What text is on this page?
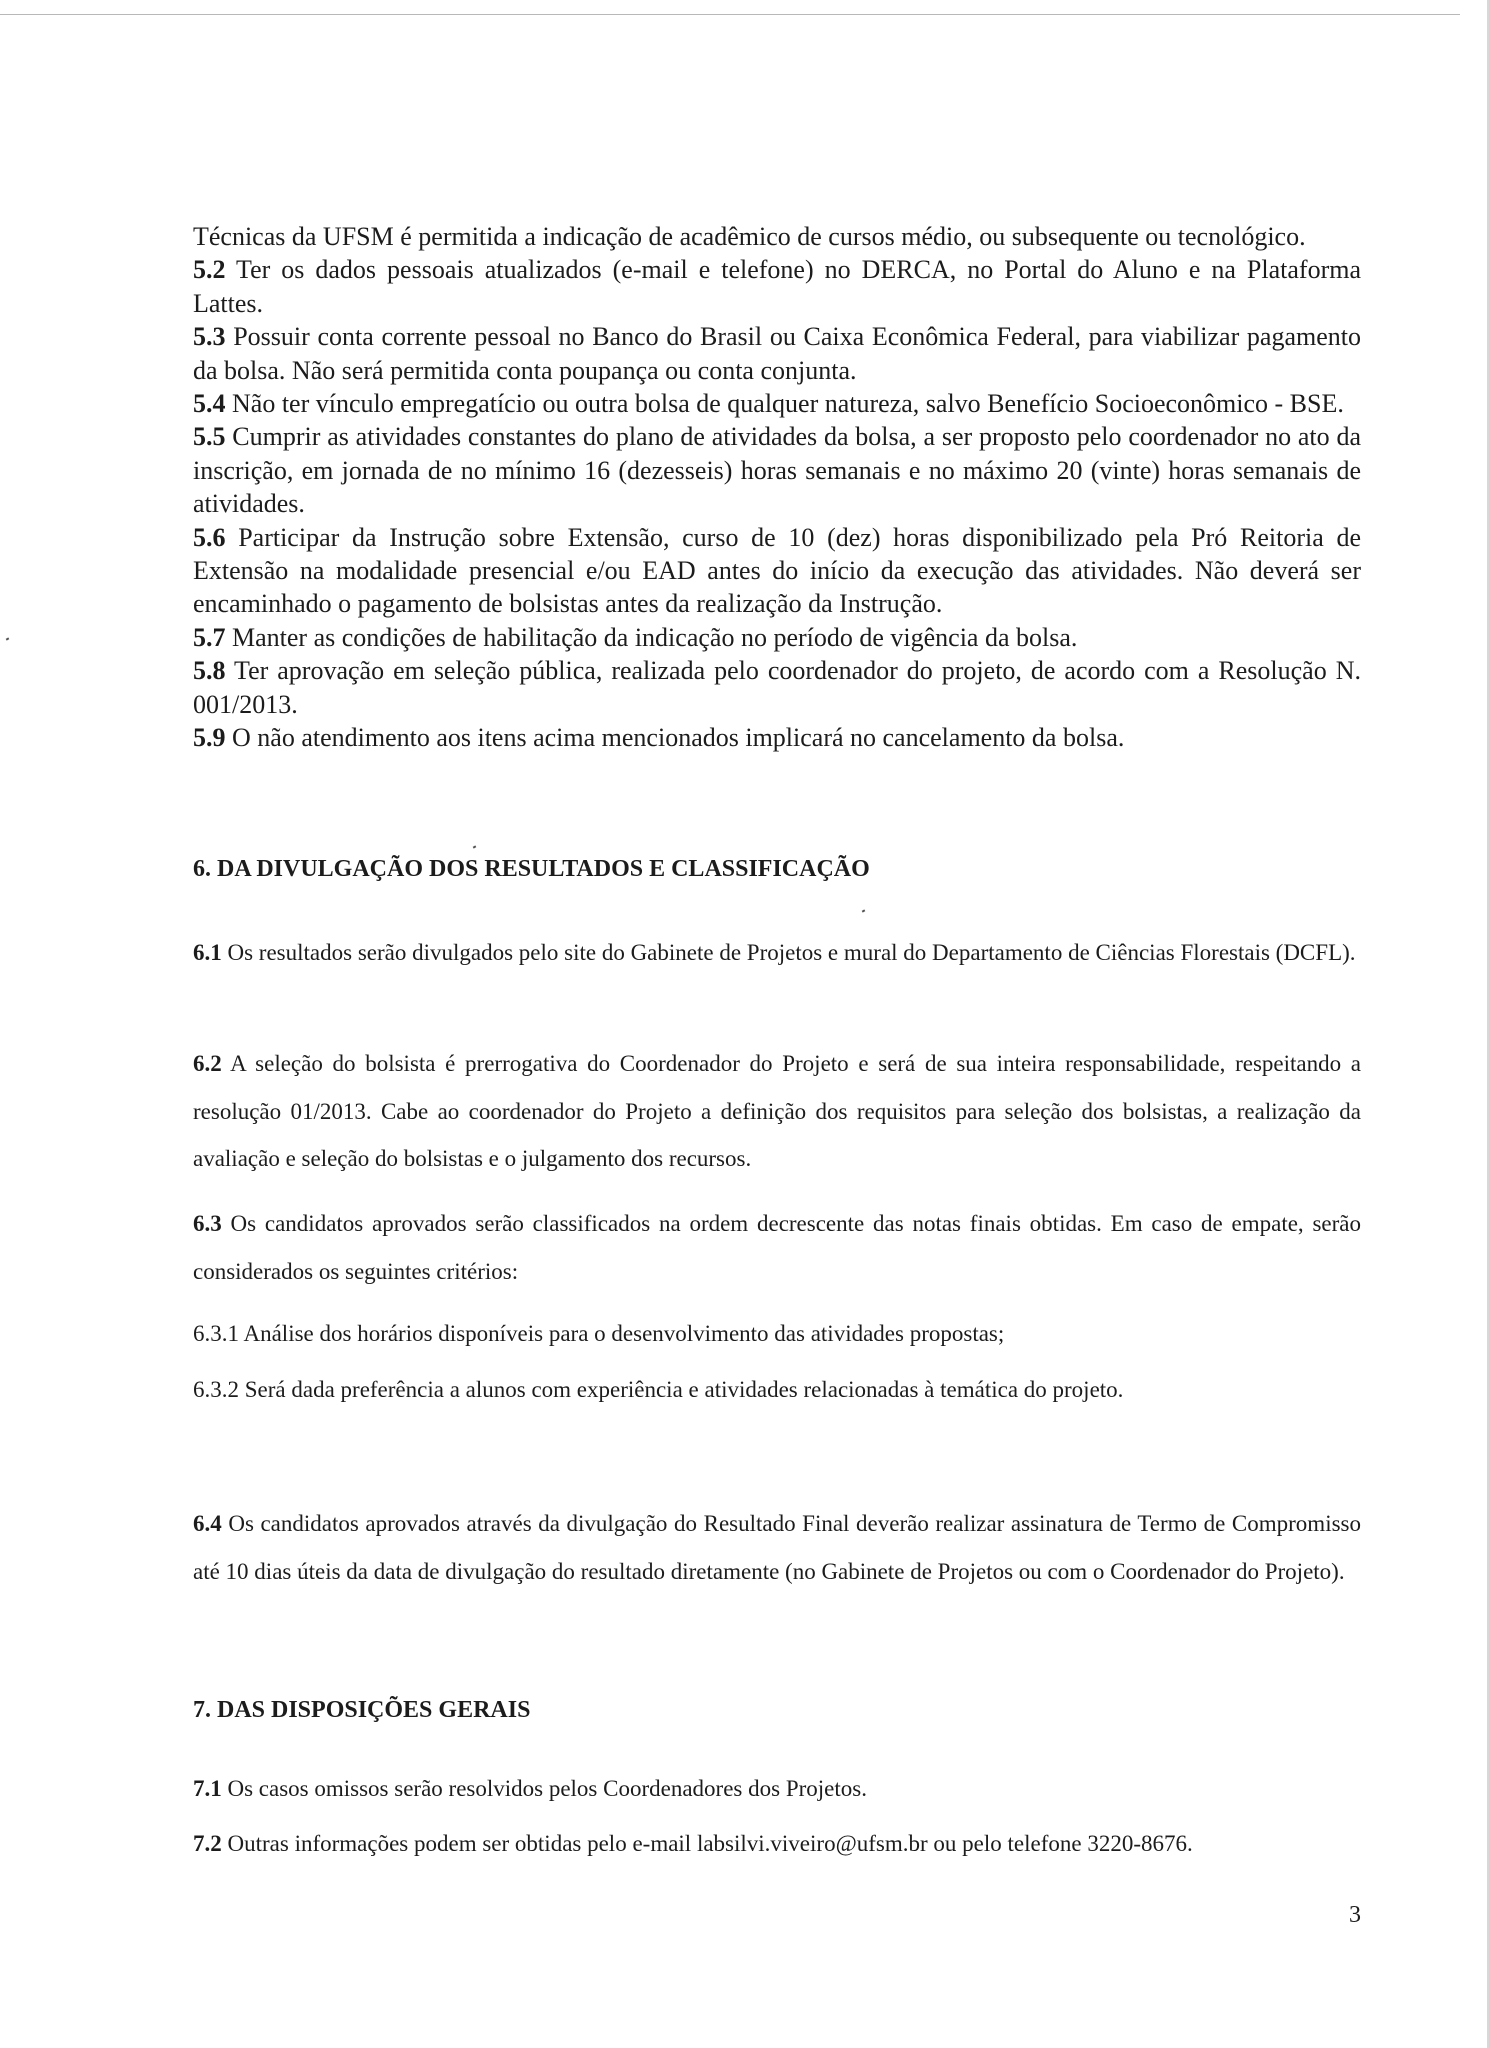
Técnicas da UFSM é permitida a indicação de acadêmico de cursos médio, ou subsequente ou tecnológico.

5.2 Ter os dados pessoais atualizados (e-mail e telefone) no DERCA, no Portal do Aluno e na Plataforma Lattes.

5.3 Possuir conta corrente pessoal no Banco do Brasil ou Caixa Econômica Federal, para viabilizar pagamento da bolsa. Não será permitida conta poupança ou conta conjunta.

5.4 Não ter vínculo empregatício ou outra bolsa de qualquer natureza, salvo Benefício Socioeconômico - BSE.

5.5 Cumprir as atividades constantes do plano de atividades da bolsa, a ser proposto pelo coordenador no ato da inscrição, em jornada de no mínimo 16 (dezesseis) horas semanais e no máximo 20 (vinte) horas semanais de atividades.

5.6 Participar da Instrução sobre Extensão, curso de 10 (dez) horas disponibilizado pela Pró Reitoria de Extensão na modalidade presencial e/ou EAD antes do início da execução das atividades. Não deverá ser encaminhado o pagamento de bolsistas antes da realização da Instrução.

5.7 Manter as condições de habilitação da indicação no período de vigência da bolsa.

5.8 Ter aprovação em seleção pública, realizada pelo coordenador do projeto, de acordo com a Resolução N. 001/2013.

5.9 O não atendimento aos itens acima mencionados implicará no cancelamento da bolsa.

6. DA DIVULGAÇÃO DOS RESULTADOS E CLASSIFICAÇÃO

6.1 Os resultados serão divulgados pelo site do Gabinete de Projetos e mural do Departamento de Ciências Florestais (DCFL).

6.2 A seleção do bolsista é prerrogativa do Coordenador do Projeto e será de sua inteira responsabilidade, respeitando a resolução 01/2013. Cabe ao coordenador do Projeto a definição dos requisitos para seleção dos bolsistas, a realização da avaliação e seleção do bolsistas e o julgamento dos recursos.

6.3 Os candidatos aprovados serão classificados na ordem decrescente das notas finais obtidas. Em caso de empate, serão considerados os seguintes critérios:

6.3.1 Análise dos horários disponíveis para o desenvolvimento das atividades propostas;

6.3.2 Será dada preferência a alunos com experiência e atividades relacionadas à temática do projeto.

6.4 Os candidatos aprovados através da divulgação do Resultado Final deverão realizar assinatura de Termo de Compromisso até 10 dias úteis da data de divulgação do resultado diretamente (no Gabinete de Projetos ou com o Coordenador do Projeto).

7. DAS DISPOSIÇÕES GERAIS

7.1 Os casos omissos serão resolvidos pelos Coordenadores dos Projetos.

7.2 Outras informações podem ser obtidas pelo e-mail labsilvi.viveiro@ufsm.br ou pelo telefone 3220-8676.

3
